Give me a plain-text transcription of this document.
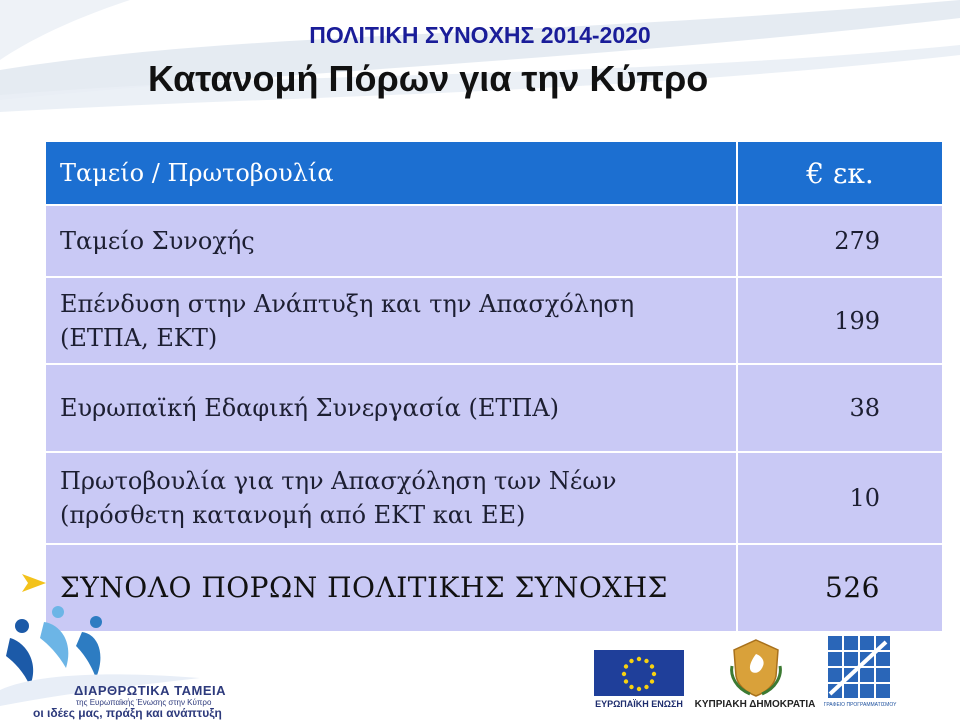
ΠΟΛΙΤΙΚΗ ΣΥΝΟΧΗΣ 2014-2020
Κατανομή Πόρων για την Κύπρο
Ταμείο / Πρωτοβουλία	€ εκ.
Ταμείο Συνοχής	279

Επένδυση στην Ανάπτυξη και την Απασχόληση
(ΕΤΠΑ, ΕΚΤ)	199
Ευρωπαϊκή Εδαφική Συνεργασία (ΕΤΠΑ)	38

Πρωτοβουλία για την Απασχόληση των Νέων
(πρόσθετη κατανομή από ΕΚΤ και ΕΕ)	10
ΣΥΝΟΛΟ ΠΟΡΩΝ ΠΟΛΙΤΙΚΗΣ ΣΥΝΟΧΗΣ	526
ΔΙΑΡΘΡΩΤΙΚΑ ΤΑΜΕΙΑ
της Ευρωπαϊκής Ένωσης στην Κύπρο
οι ιδέες μας, πράξη και ανάπτυξη
ΕΥΡΩΠΑΪΚΗ ΕΝΩΣΗ	ΚΥΠΡΙΑΚΗ ΔΗΜΟΚΡΑΤΙΑ	ΓΡΑΦΕΙΟ ΠΡΟΓΡΑΜΜΑΤΙΣΜΟΥ
